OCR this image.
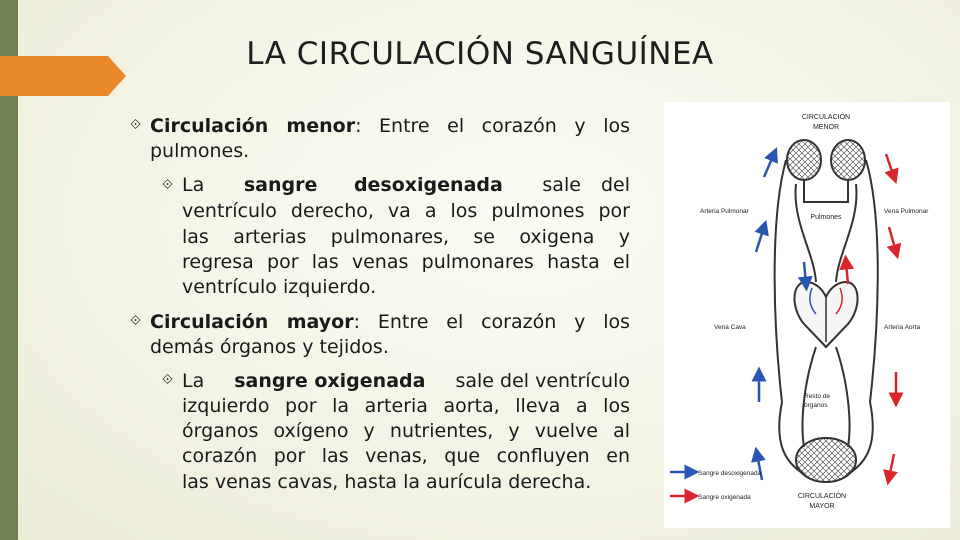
LA CIRCULACIÓN SANGUÍNEA
⟐ Circulación menor: Entre el corazón y los
pulmones.
⟐ La sangre desoxigenada sale del
ventrículo derecho, va a los pulmones por
las arterias pulmonares, se oxigena y
regresa por las venas pulmonares hasta el
ventrículo izquierdo.
⟐ Circulación mayor: Entre el corazón y los
demás órganos y tejidos.
⟐ La sangre oxigenada sale del ventrículo
izquierdo por la arteria aorta, lleva a los
órganos oxígeno y nutrientes, y vuelve al
corazón por las venas, que confluyen en
las venas cavas, hasta la aurícula derecha.
CIRCULACIÓN
MENOR
Pulmones
Arteria Pulmonar	Vena Pulmonar
Vena Cava	Arteria Aorta
Resto de
órganos
Sangre desoxigenada
Sangre oxigenada	CIRCULACIÓN
MAYOR
